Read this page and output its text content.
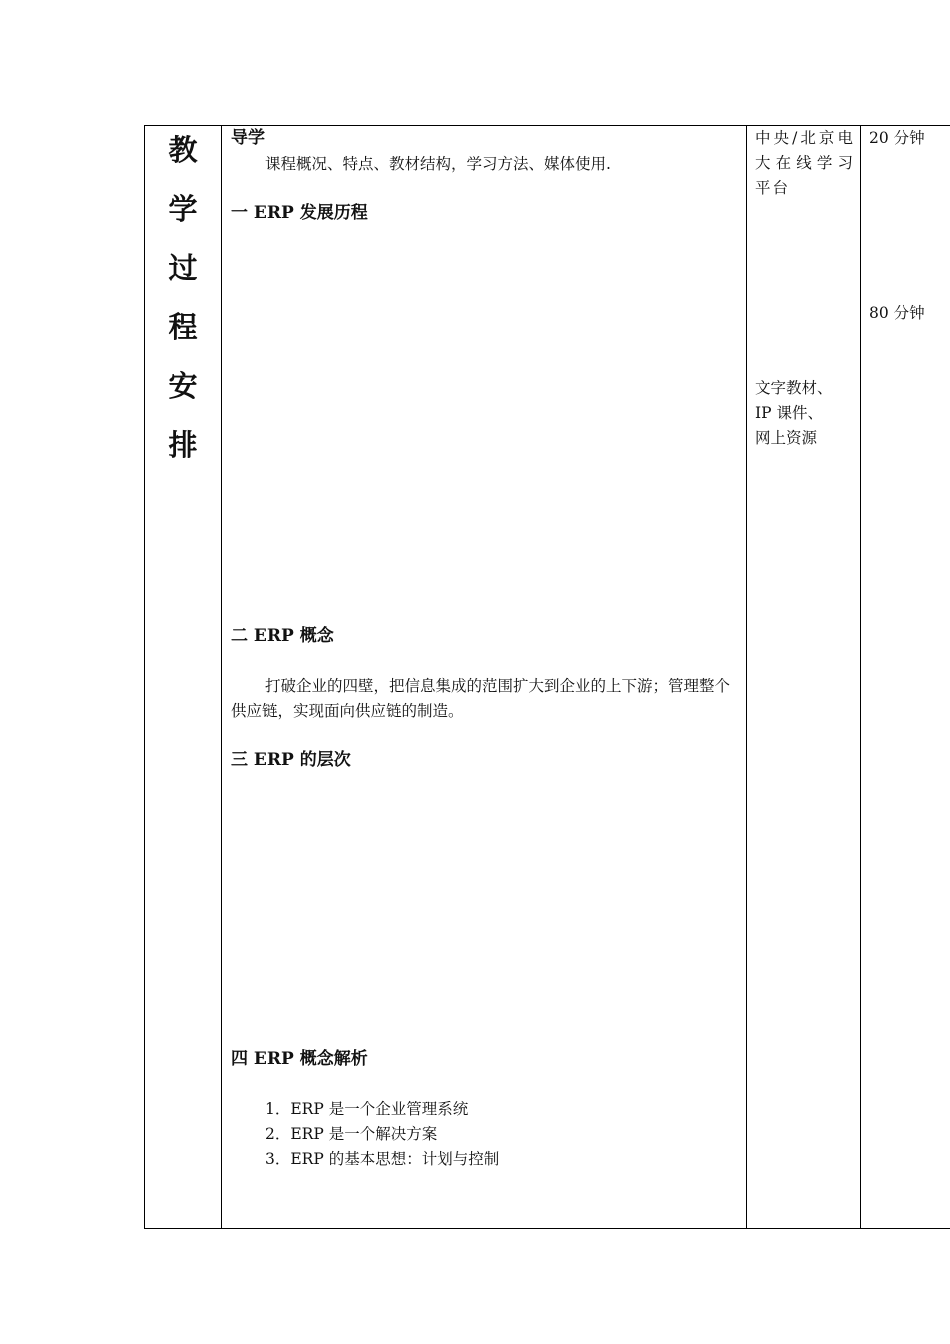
教
学
过
程
安
排
导学
课程概况、特点、教材结构，学习方法、媒体使用.
一 ERP 发展历程
二 ERP 概念
打破企业的四壁，把信息集成的范围扩大到企业的上下游；管理整个供应链，实现面向供应链的制造。
三 ERP 的层次
四 ERP 概念解析
1．ERP 是一个企业管理系统
2．ERP 是一个解决方案
3．ERP 的基本思想：计划与控制
中央/北京电大在线学习平台
文字教材、
IP 课件、
网上资源
20 分钟
80 分钟
